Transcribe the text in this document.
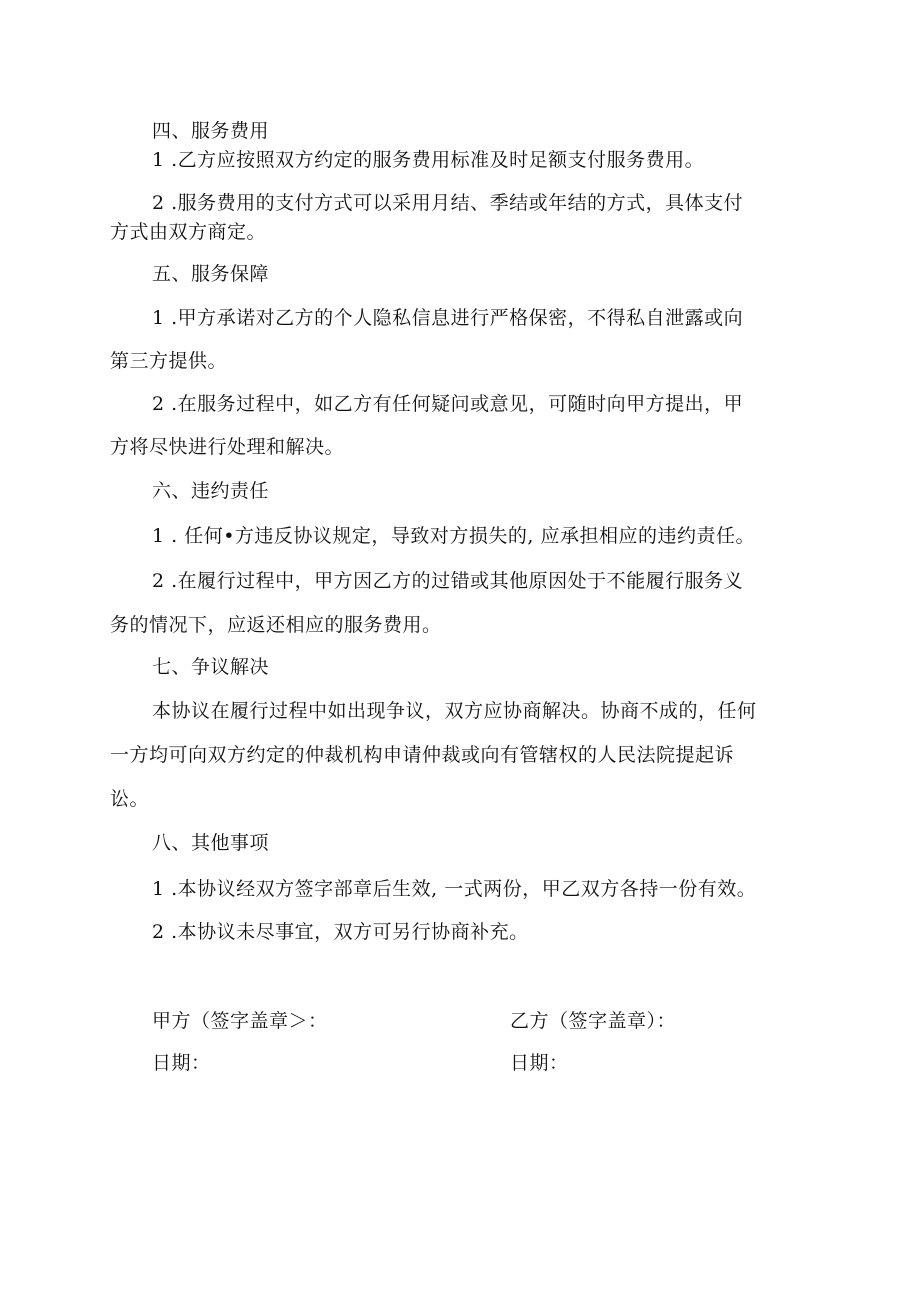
四、服务费用
1 .乙方应按照双方约定的服务费用标准及时足额支付服务费用。
2 .服务费用的支付方式可以采用月结、季结或年结的方式，具体支付
方式由双方商定。
五、服务保障
1 .甲方承诺对乙方的个人隐私信息进行严格保密，不得私自泄露或向
第三方提供。
2 .在服务过程中，如乙方有任何疑问或意见，可随时向甲方提出，甲
方将尽快进行处理和解决。
六、违约责任
1 . 任何•方违反协议规定，导致对方损失的, 应承担相应的违约责任。
2 .在履行过程中，甲方因乙方的过错或其他原因处于不能履行服务义
务的情况下，应返还相应的服务费用。
七、争议解决
本协议在履行过程中如出现争议，双方应协商解决。协商不成的，任何
一方均可向双方约定的仲裁机构申请仲裁或向有管辖权的人民法院提起诉
讼。
八、其他事项
1 .本协议经双方签字部章后生效, 一式两份，甲乙双方各持一份有效。
2 .本协议未尽事宜，双方可另行协商补充。
甲方（签字盖章＞：	乙方（签字盖章）：
日期：	日期：
